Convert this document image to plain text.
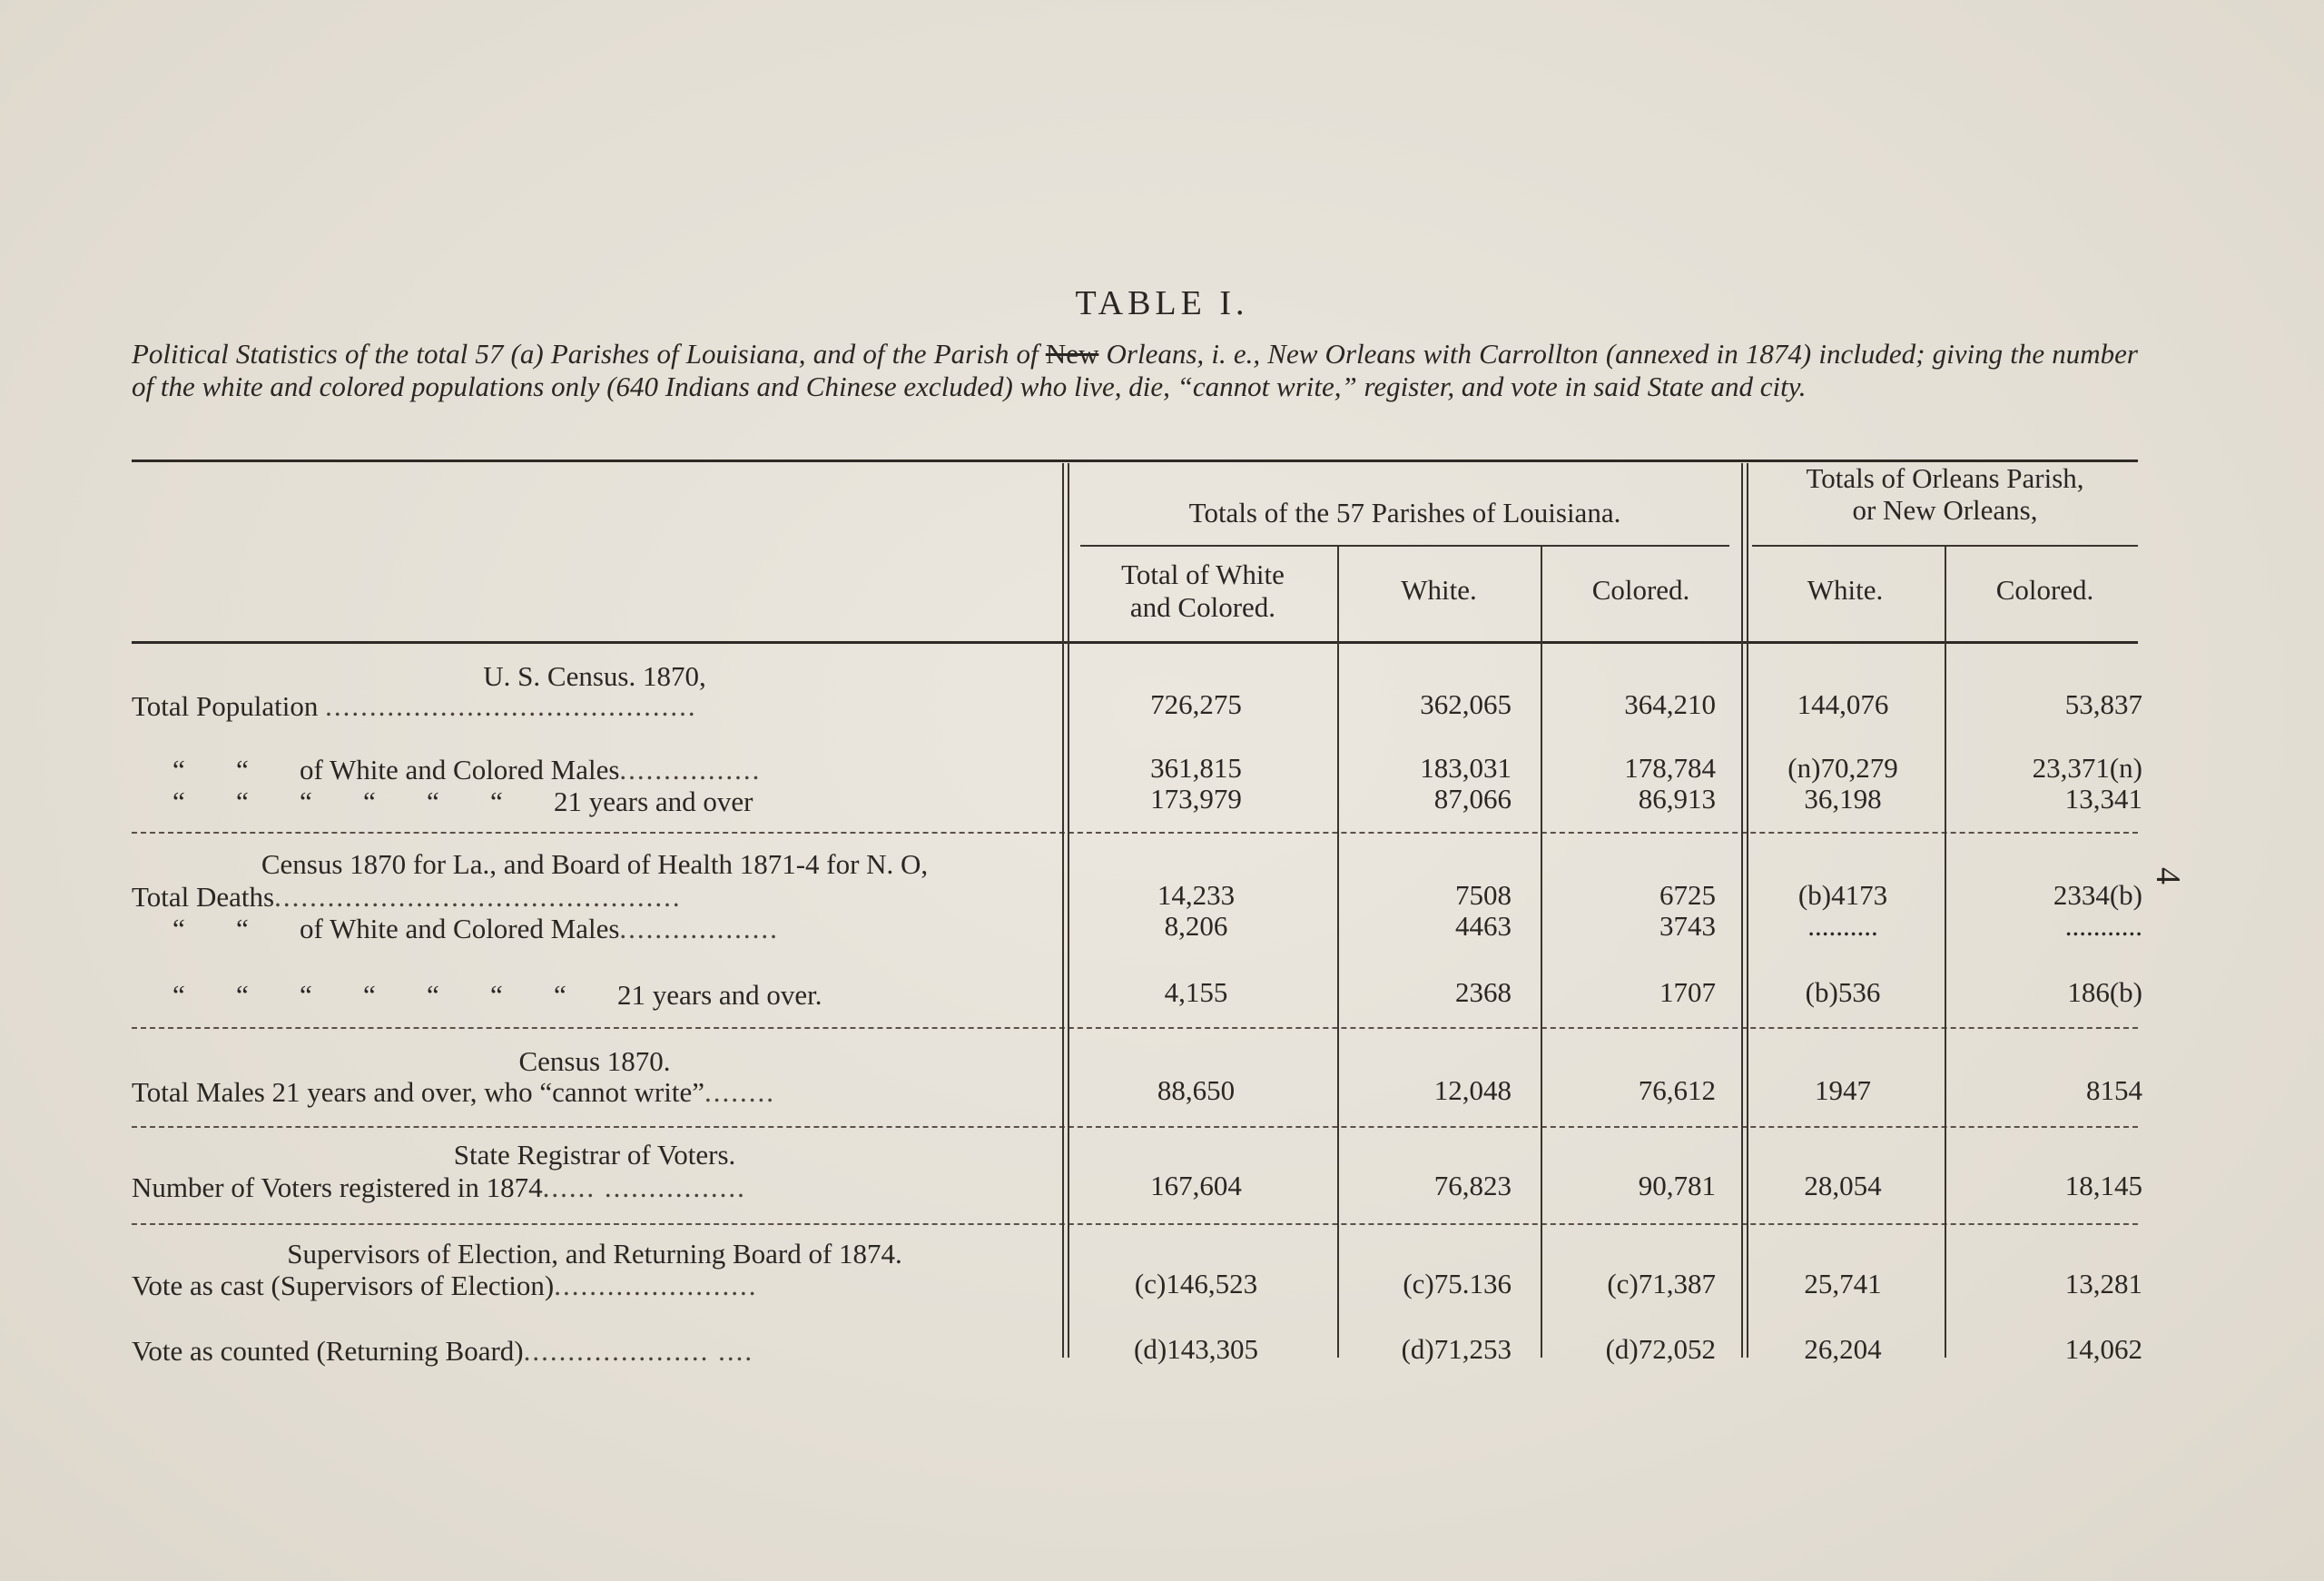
TABLE I.
Political Statistics of the total 57 (a) Parishes of Louisiana, and of the Parish of New Orleans, i. e., New Orleans with Carrollton (annexed in 1874) included; giving the number of the white and colored populations only (640 Indians and Chinese excluded) who live, die, “cannot write,” register, and vote in said State and city.
Totals of the 57 Parishes of Louisiana.
Totals of Orleans Parish,
or New Orleans,
Total of White
and Colored.
White.	Colored.	White.	Colored.
U. S. Census. 1870,
Census 1870 for La., and Board of Health 1871-4 for N. O,
Census 1870.
State Registrar of Voters.
Supervisors of Election, and Returning Board of 1874.
Total Population ..........................................	726,275	362,065	364,210	144,076	53,837
“ “ of White and Colored Males................	361,815	183,031	178,784	(n)70,279	23,371(n)
“ “ “ “ “ “ 21 years and over	173,979	87,066	86,913	36,198	13,341
Total Deaths..............................................	14,233	7508	6725	(b)4173	2334(b)
“ “ of White and Colored Males..................	8,206	4463	3743	..........	...........
“ “ “ “ “ “ “ 21 years and over.	4,155	2368	1707	(b)536	186(b)
Total Males 21 years and over, who “cannot write”........	88,650	12,048	76,612	1947	8154
Number of Voters registered in 1874...... ................	167,604	76,823	90,781	28,054	18,145
Vote as cast (Supervisors of Election).......................	(c)146,523	(c)75.136	(c)71,387	25,741	13,281
Vote as counted (Returning Board)..................... ....	(d)143,305	(d)71,253	(d)72,052	26,204	14,062
4
